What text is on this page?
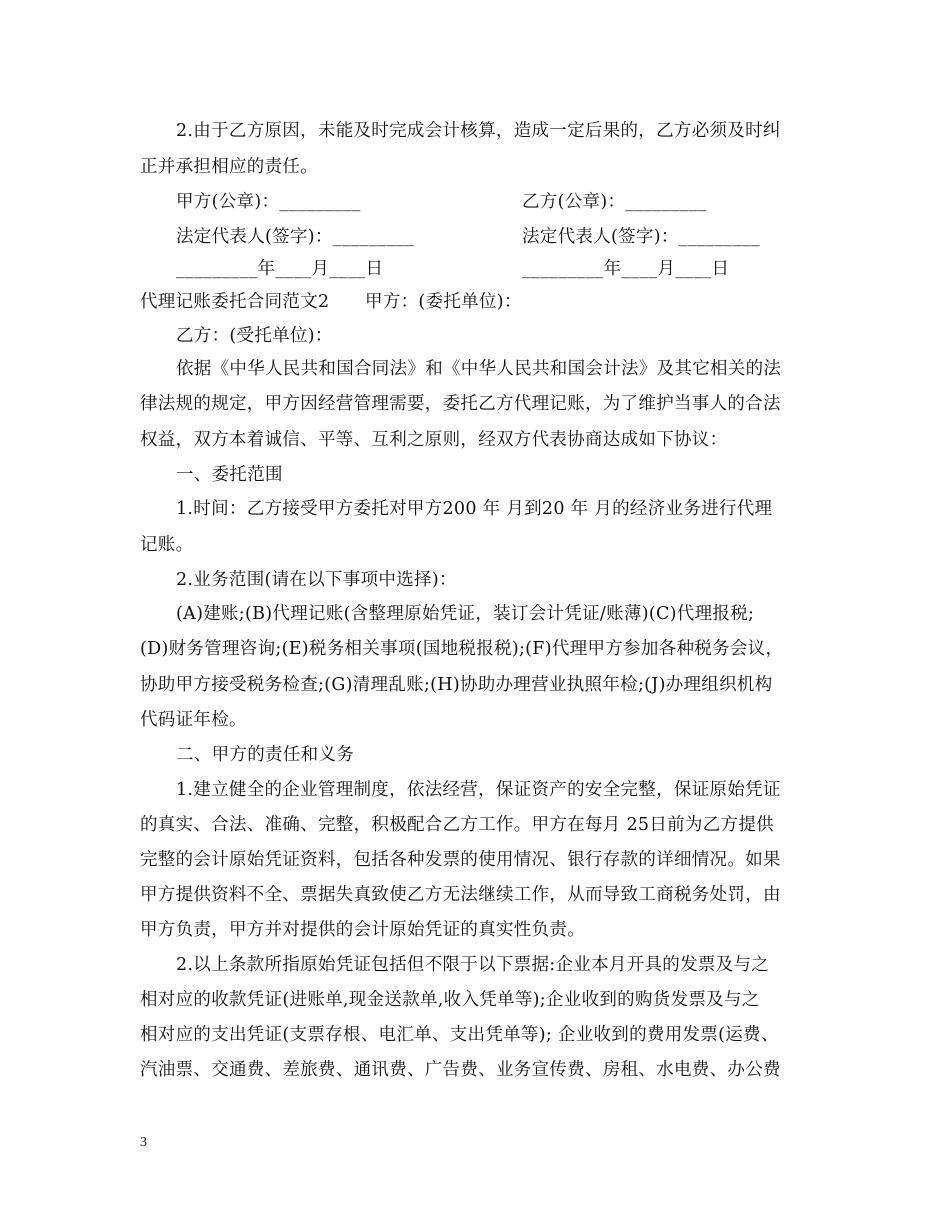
2.由于乙方原因，未能及时完成会计核算，造成一定后果的，乙方必须及时纠
正并承担相应的责任。
甲方(公章)：_________	乙方(公章)：_________
法定代表人(签字)：_________	法定代表人(签字)：_________
_________年____月____日	_________年____月____日
代理记账委托合同范文2　　甲方：(委托单位)：
乙方：(受托单位)：
依据《中华人民共和国合同法》和《中华人民共和国会计法》及其它相关的法
律法规的规定，甲方因经营管理需要，委托乙方代理记账，为了维护当事人的合法
权益，双方本着诚信、平等、互利之原则，经双方代表协商达成如下协议：
一、委托范围
1.时间：乙方接受甲方委托对甲方200 年 月到20 年 月的经济业务进行代理
记账。
2.业务范围(请在以下事项中选择)：
(A)建账;(B)代理记账(含整理原始凭证，装订会计凭证/账薄)(C)代理报税;
(D)财务管理咨询;(E)税务相关事项(国地税报税);(F)代理甲方参加各种税务会议，
协助甲方接受税务检查;(G)清理乱账;(H)协助办理营业执照年检;(J)办理组织机构
代码证年检。
二、甲方的责任和义务
1.建立健全的企业管理制度，依法经营，保证资产的安全完整，保证原始凭证
的真实、合法、准确、完整，积极配合乙方工作。甲方在每月 25日前为乙方提供
完整的会计原始凭证资料，包括各种发票的使用情况、银行存款的详细情况。如果
甲方提供资料不全、票据失真致使乙方无法继续工作，从而导致工商税务处罚，由
甲方负责，甲方并对提供的会计原始凭证的真实性负责。
2.以上条款所指原始凭证包括但不限于以下票据:企业本月开具的发票及与之
相对应的收款凭证(进账单,现金送款单,收入凭单等);企业收到的购货发票及与之
相对应的支出凭证(支票存根、电汇单、支出凭单等); 企业收到的费用发票(运费、
汽油票、交通费、差旅费、通讯费、广告费、业务宣传费、房租、水电费、办公费
3
